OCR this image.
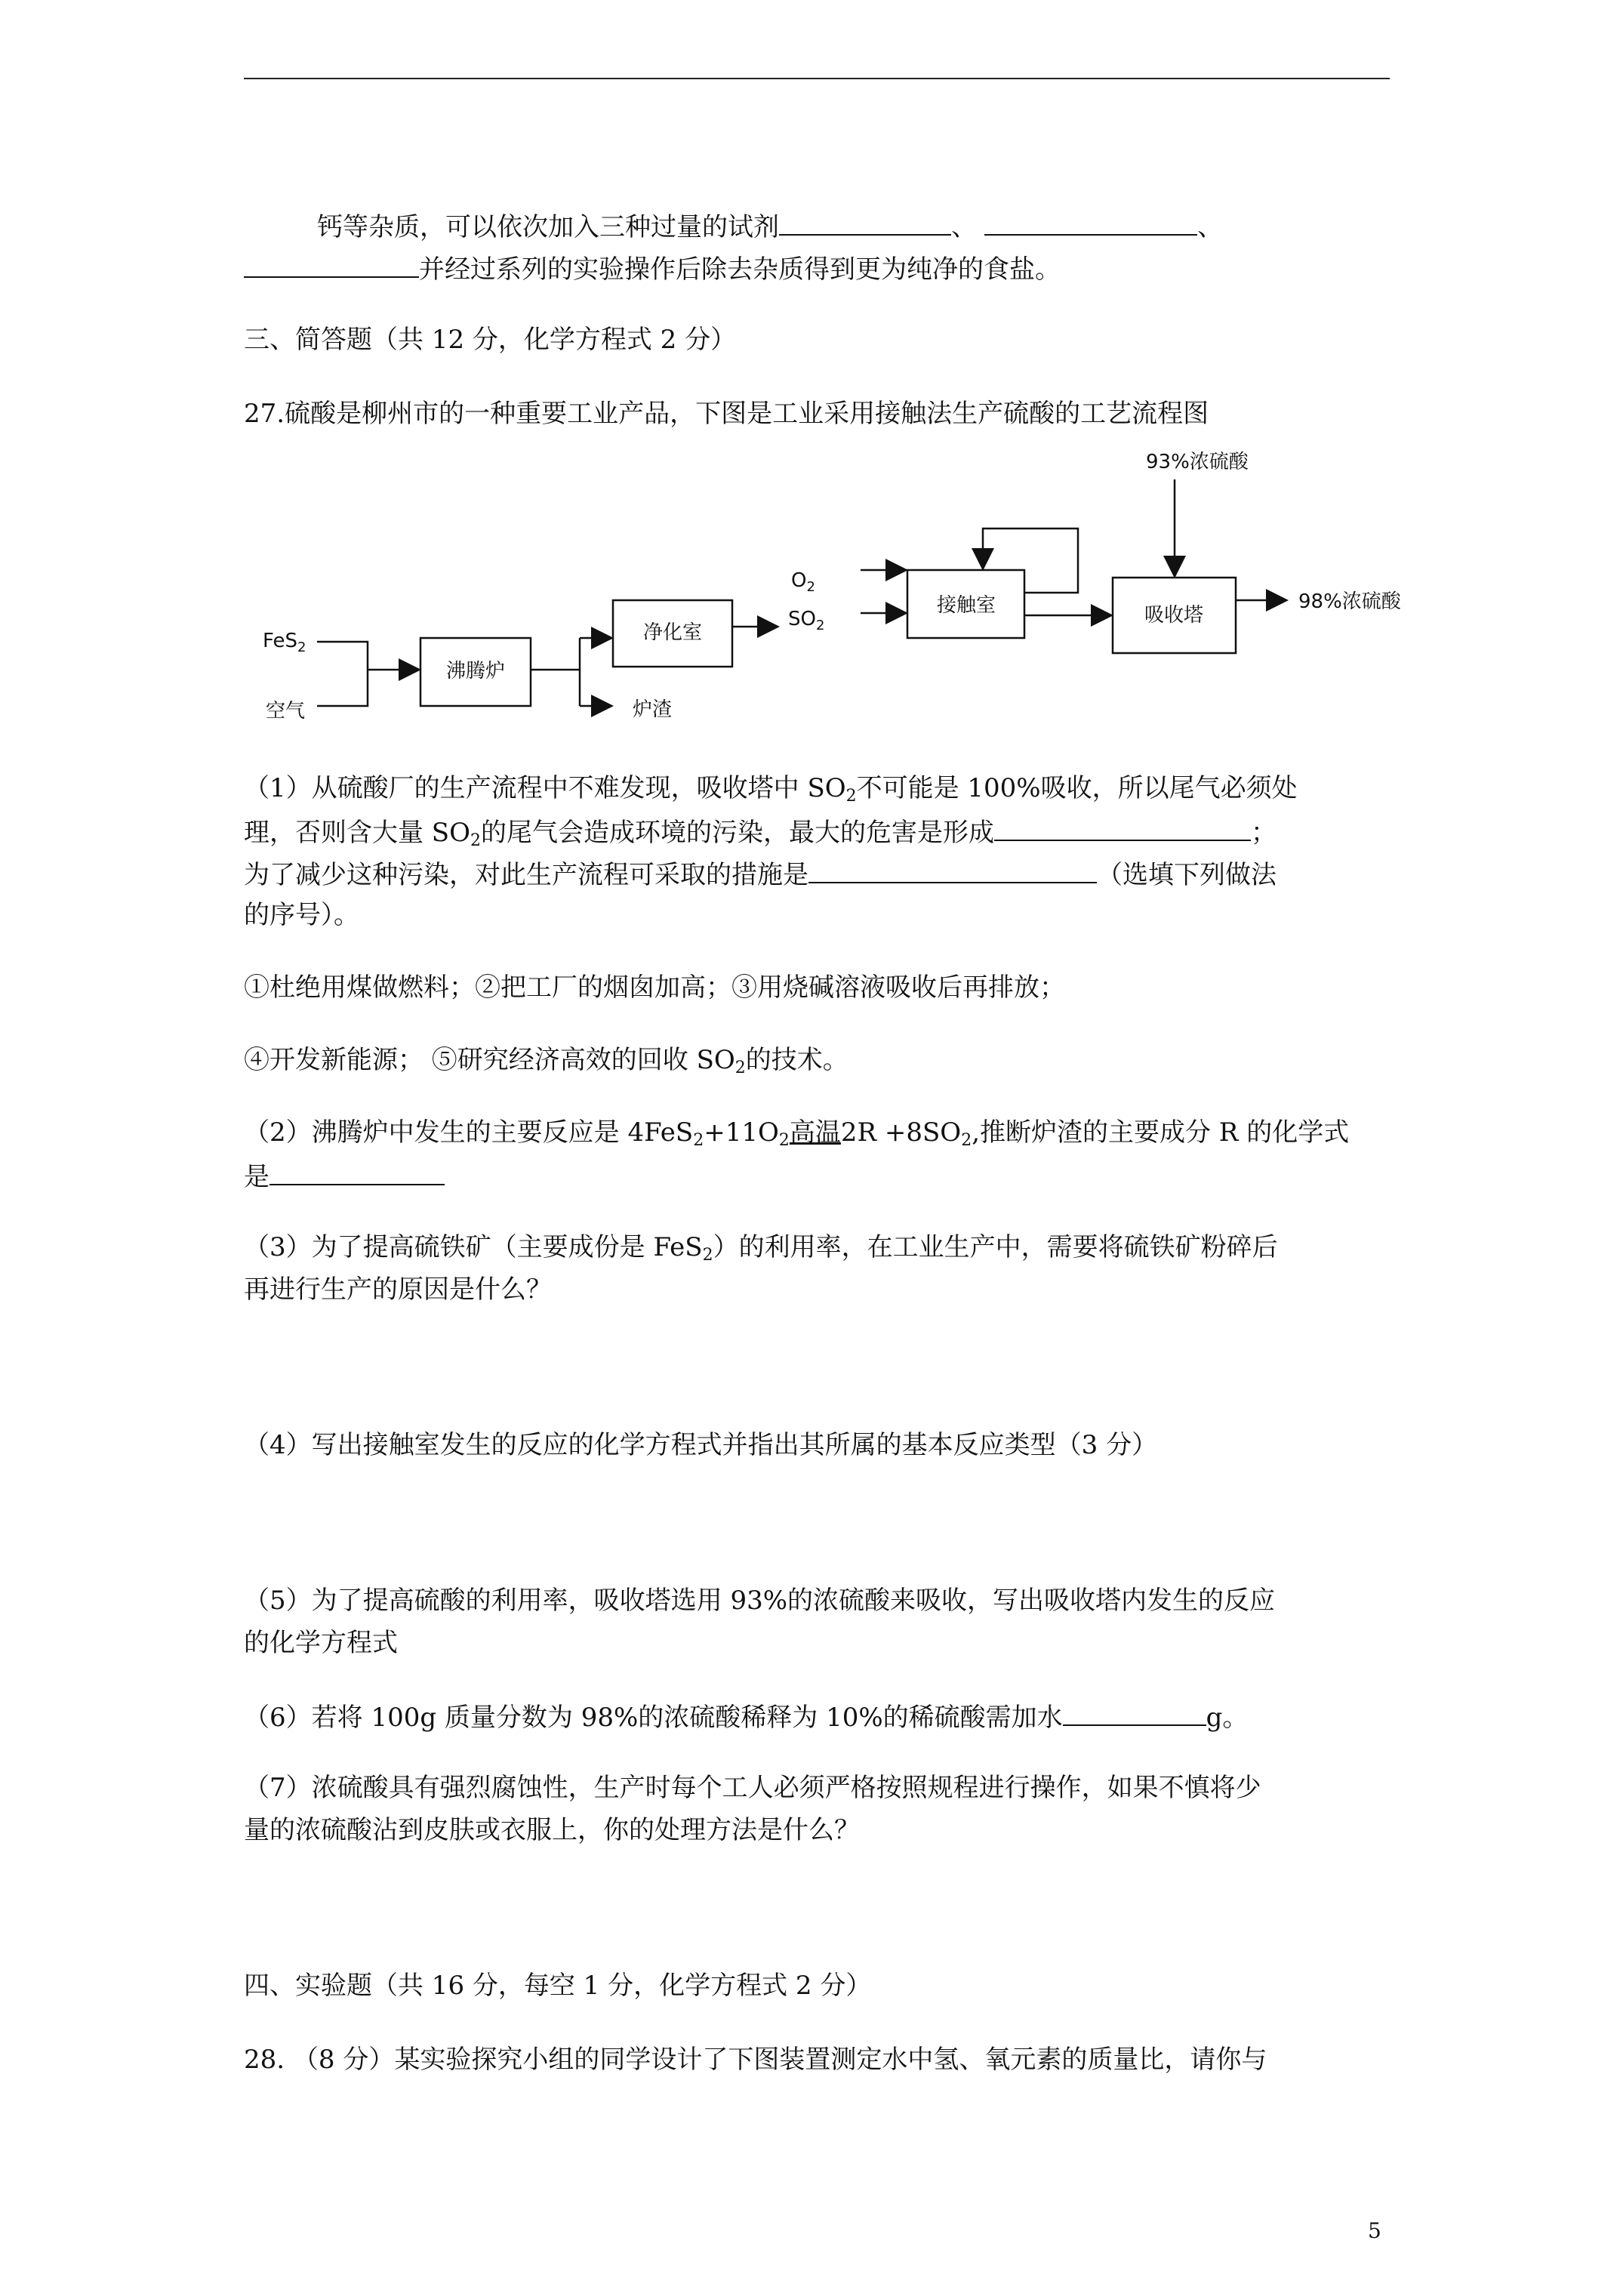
钙等杂质，可以依次加入三种过量的试剂	、	、
并经过系列的实验操作后除去杂质得到更为纯净的食盐。
三、简答题（共 12 分，化学方程式 2 分）
27.硫酸是柳州市的一种重要工业产品，下图是工业采用接触法生产硫酸的工艺流程图
FeS$_2$
空气
沸腾炉
净化室
炉渣
$O_2$
$SO_2$
接触室	吸收塔
93%浓硫酸
98%浓硫酸
（1）从硫酸厂的生产流程中不难发现，吸收塔中 $SO_2$不可能是 100%吸收，所以尾气必须处
理，否则含大量 $SO_2$的尾气会造成环境的污染，最大的危害是形成	；
为了减少这种污染，对此生产流程可采取的措施是	（选填下列做法
的序号）。
①杜绝用煤做燃料；②把工厂的烟囱加高；③用烧碱溶液吸收后再排放；
④开发新能源； ⑤研究经济高效的回收 $SO_2$的技术。
（2）沸腾炉中发生的主要反应是 $4FeS_2+11O_2$高温$2R +8SO_2$,推断炉渣的主要成分 R 的化学式
是
（3）为了提高硫铁矿（主要成份是 FeS$_2$）的利用率，在工业生产中，需要将硫铁矿粉碎后
再进行生产的原因是什么？
（4）写出接触室发生的反应的化学方程式并指出其所属的基本反应类型（3 分）
（5）为了提高硫酸的利用率，吸收塔选用 93%的浓硫酸来吸收，写出吸收塔内发生的反应
的化学方程式
（6）若将 100g 质量分数为 98%的浓硫酸稀释为 10%的稀硫酸需加水	g。
（7）浓硫酸具有强烈腐蚀性，生产时每个工人必须严格按照规程进行操作，如果不慎将少
量的浓硫酸沾到皮肤或衣服上，你的处理方法是什么？
四、实验题（共 16 分，每空 1 分，化学方程式 2 分）
28. （8 分）某实验探究小组的同学设计了下图装置测定水中氢、氧元素的质量比，请你与
5
